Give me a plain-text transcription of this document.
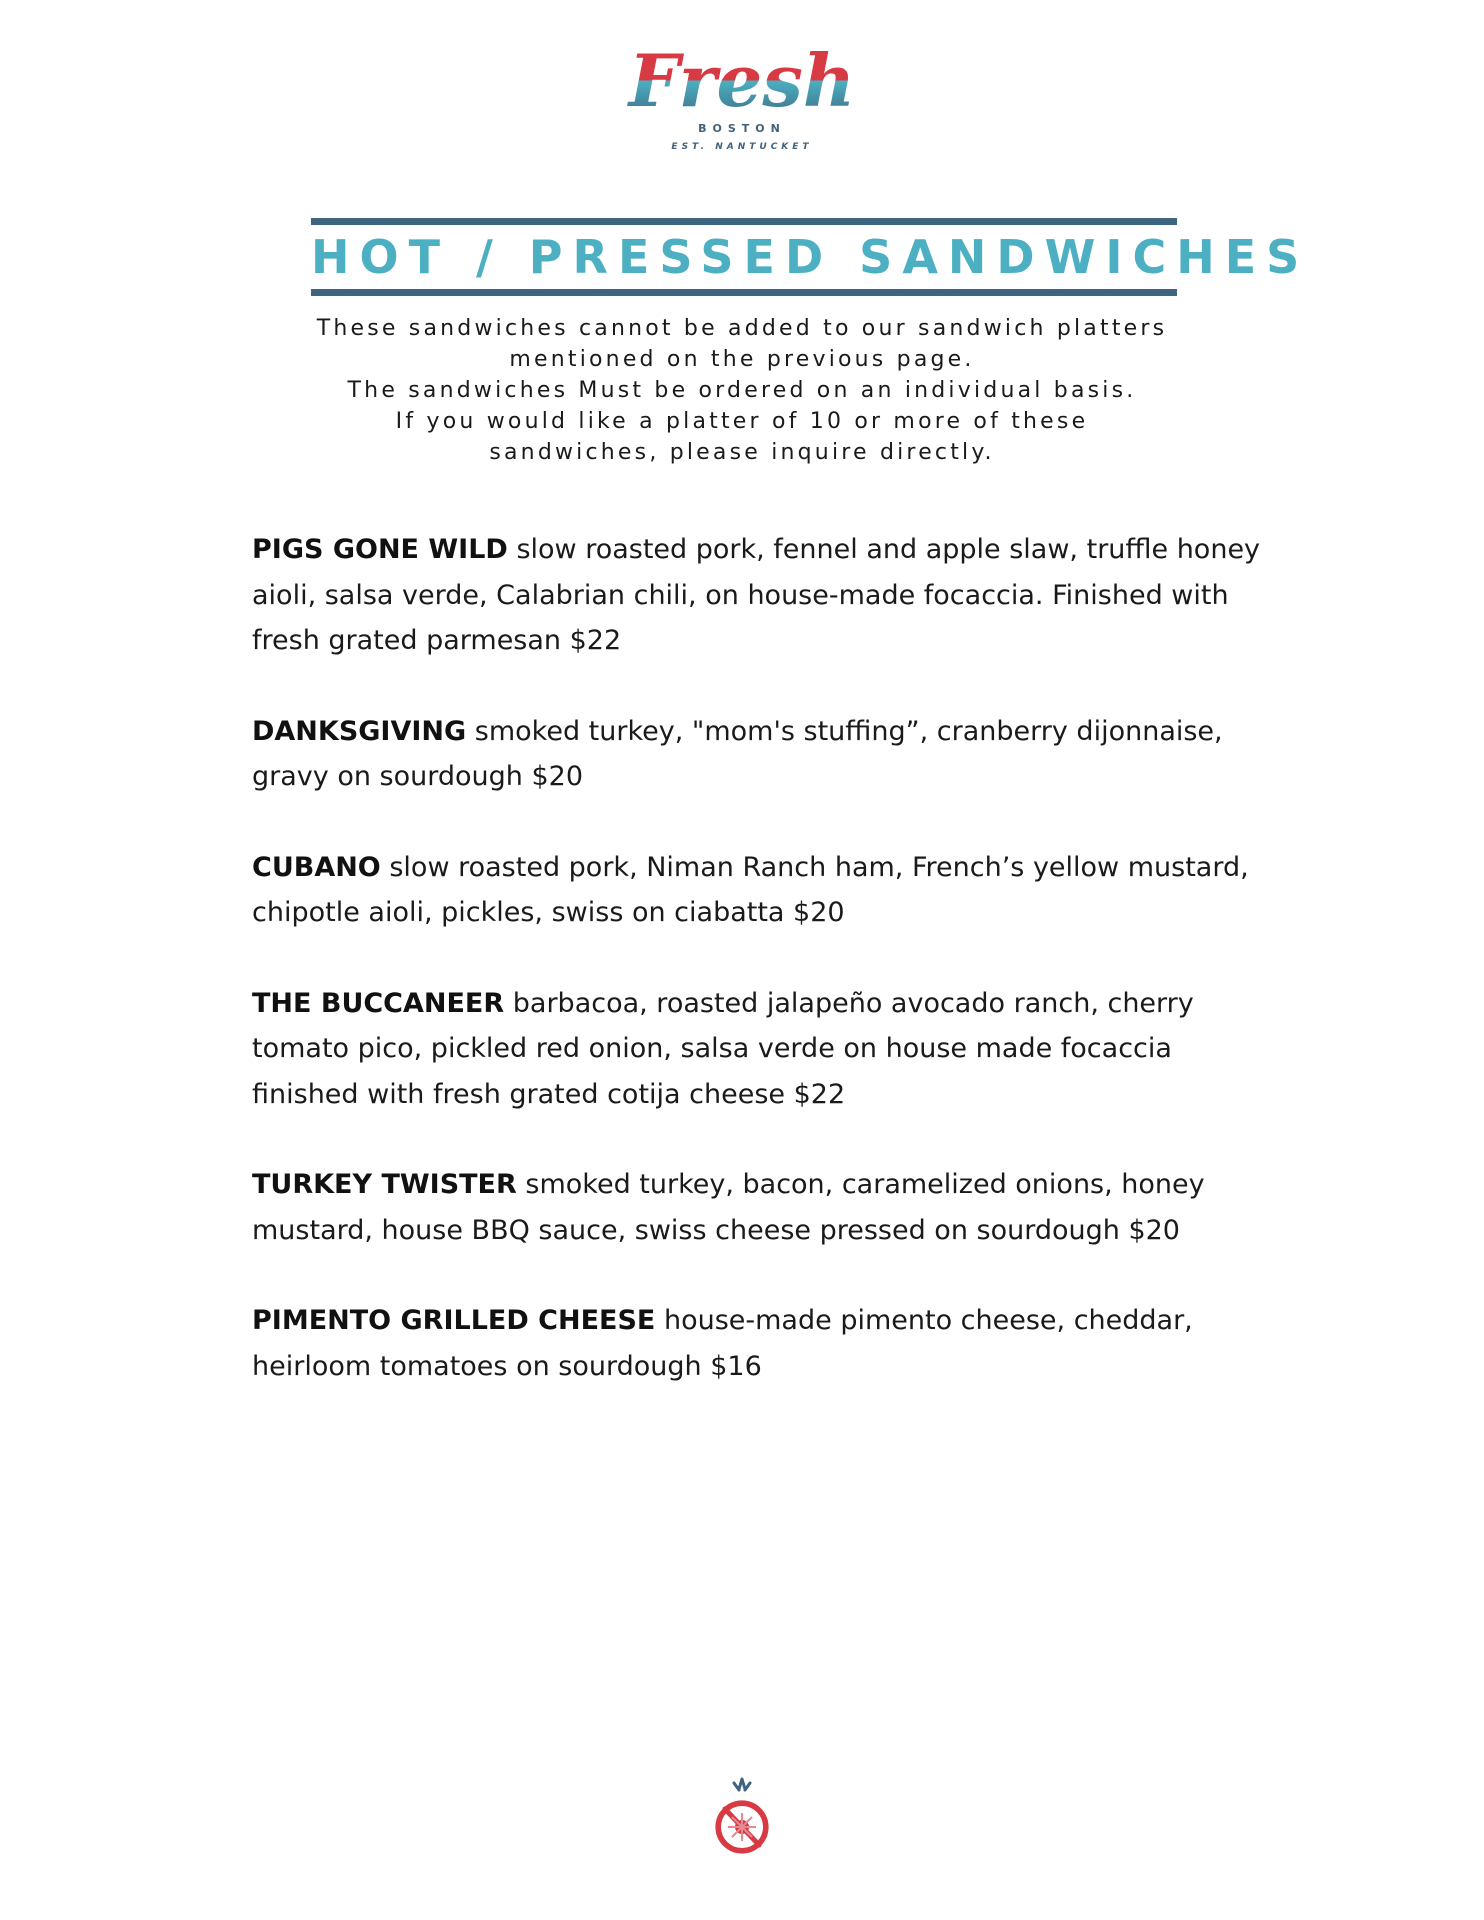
Fresh
BOSTON
EST. NANTUCKET
HOT / PRESSED SANDWICHES
These sandwiches cannot be added to our sandwich platters
mentioned on the previous page.
The sandwiches Must be ordered on an individual basis.
If you would like a platter of 10 or more of these
sandwiches, please inquire directly.
PIGS GONE WILD slow roasted pork, fennel and apple slaw, truffle honey aioli, salsa verde, Calabrian chili, on house-made focaccia. Finished with fresh grated parmesan $22
DANKSGIVING smoked turkey, "mom's stuffing”, cranberry dijonnaise, gravy on sourdough $20
CUBANO slow roasted pork, Niman Ranch ham, French’s yellow mustard, chipotle aioli, pickles, swiss on ciabatta $20
THE BUCCANEER barbacoa, roasted jalapeño avocado ranch, cherry tomato pico, pickled red onion, salsa verde on house made focaccia finished with fresh grated cotija cheese $22
TURKEY TWISTER smoked turkey, bacon, caramelized onions, honey mustard, house BBQ sauce, swiss cheese pressed on sourdough $20
PIMENTO GRILLED CHEESE house-made pimento cheese, cheddar, heirloom tomatoes on sourdough $16
